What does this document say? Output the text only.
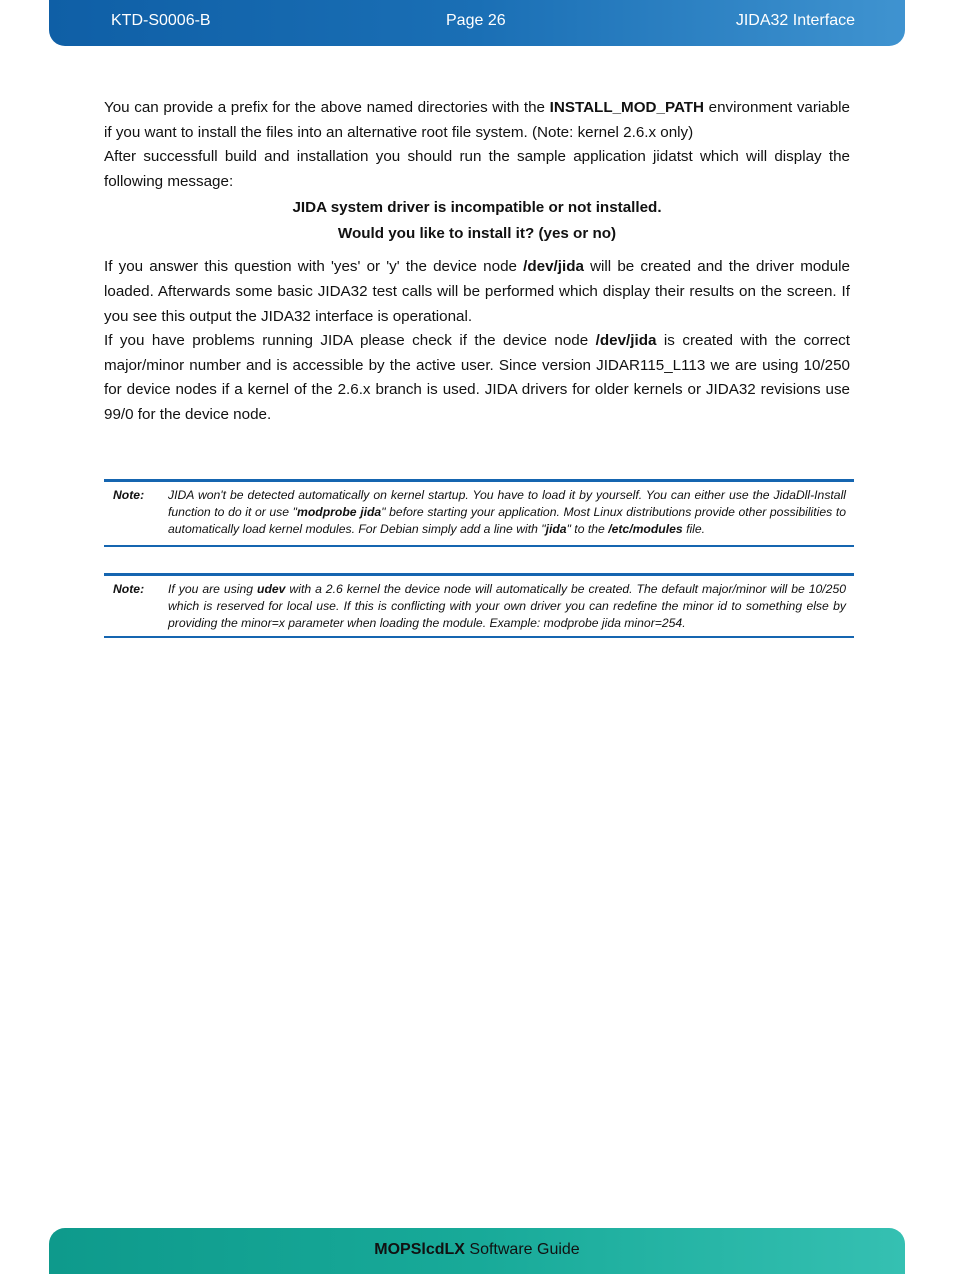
KTD-S0006-B	Page 26	JIDA32 Interface

You can provide a prefix for the above named directories with the INSTALL_MOD_PATH environment variable if you want to install the files into an alternative root file system. (Note: kernel 2.6.x only)

After successfull build and installation you should run the sample application jidatst which will display the following message:

JIDA system driver is incompatible or not installed.

Would you like to install it? (yes or no)

If you answer this question with 'yes' or 'y' the device node /dev/jida will be created and the driver module loaded. Afterwards some basic JIDA32 test calls will be performed which display their results on the screen. If you see this output the JIDA32 interface is operational.

If you have problems running JIDA please check if the device node /dev/jida is created with the correct major/minor number and is accessible by the active user. Since version JIDAR115_L113 we are using 10/250 for device nodes if a kernel of the 2.6.x branch is used. JIDA drivers for older kernels or JIDA32 revisions use 99/0 for the device node.

Note: JIDA won't be detected automatically on kernel startup. You have to load it by yourself. You can either use the JidaDll-Install function to do it or use "modprobe jida" before starting your application. Most Linux distributions provide other possibilities to automatically load kernel modules. For Debian simply add a line with "jida" to the /etc/modules file.
Note: If you are using udev with a 2.6 kernel the device node will automatically be created. The default major/minor will be 10/250 which is reserved for local use. If this is conflicting with your own driver you can redefine the minor id to something else by providing the minor=x parameter when loading the module. Example: modprobe jida minor=254.
MOPSlcdLX Software Guide
